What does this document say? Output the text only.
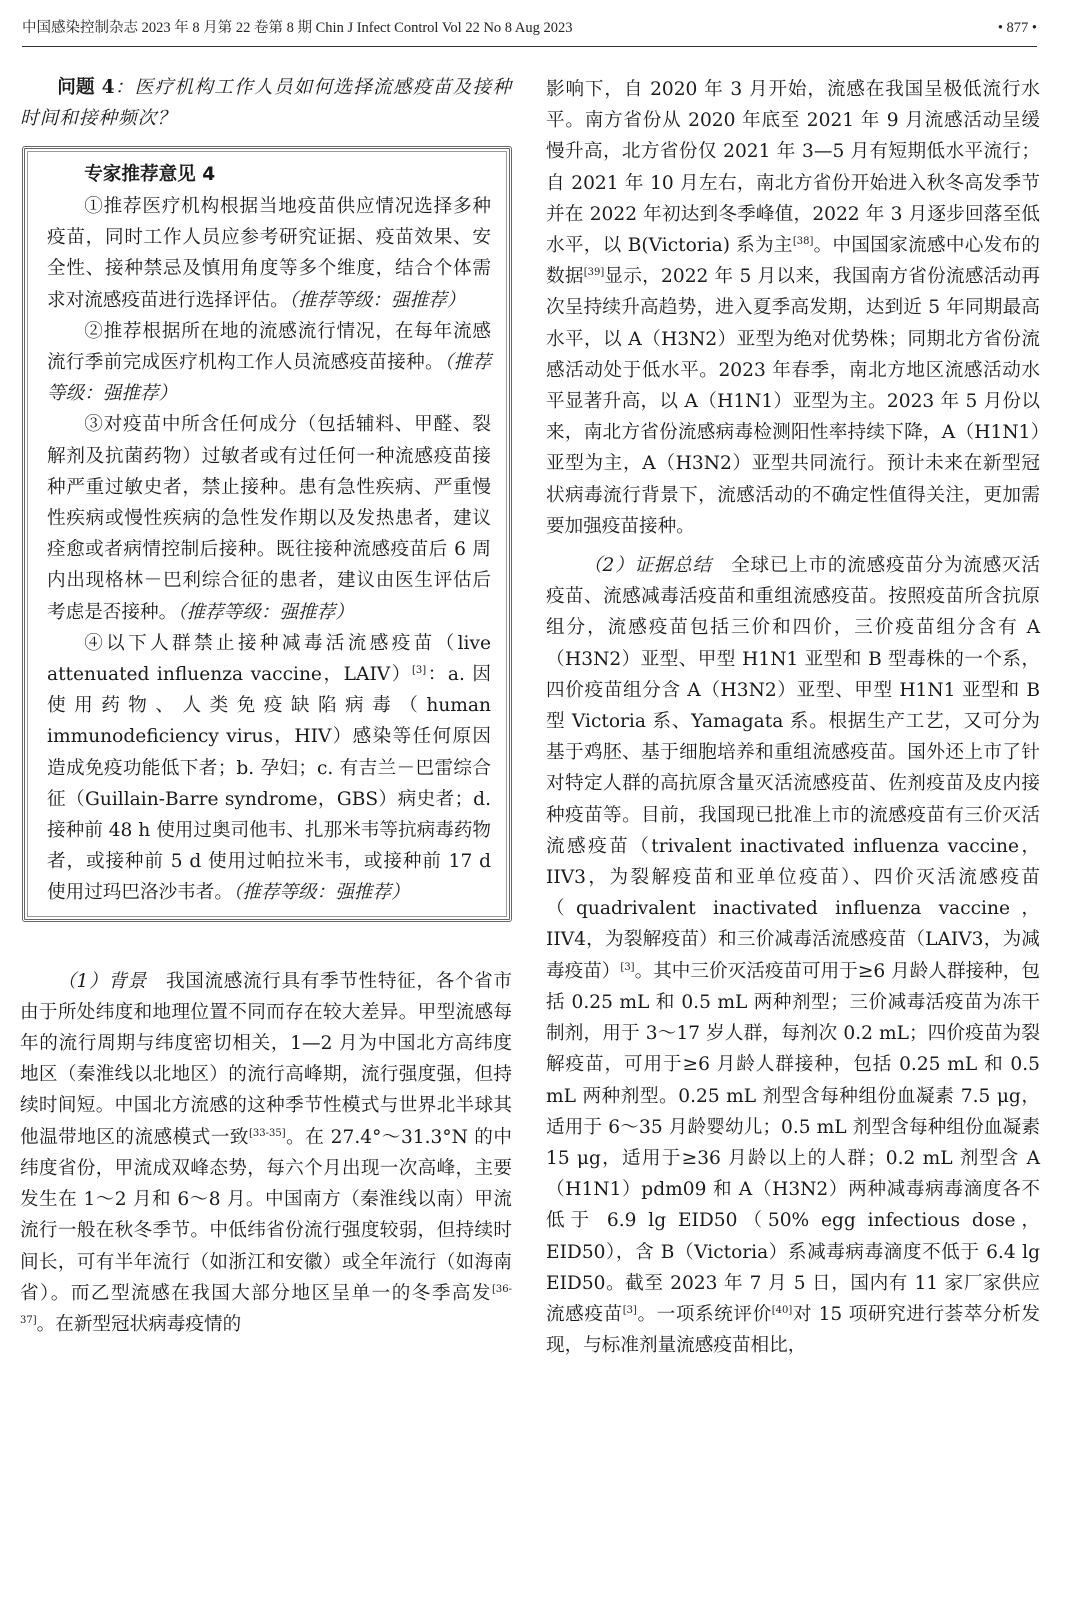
中国感染控制杂志 2023 年 8 月第 22 卷第 8 期 Chin J Infect Control Vol 22 No 8 Aug 2023	• 877 •

问题 4：医疗机构工作人员如何选择流感疫苗及接种时间和接种频次？

专家推荐意见 4

①推荐医疗机构根据当地疫苗供应情况选择多种疫苗，同时工作人员应参考研究证据、疫苗效果、安全性、接种禁忌及慎用角度等多个维度，结合个体需求对流感疫苗进行选择评估。（推荐等级：强推荐）

②推荐根据所在地的流感流行情况，在每年流感流行季前完成医疗机构工作人员流感疫苗接种。（推荐等级：强推荐）

③对疫苗中所含任何成分（包括辅料、甲醛、裂解剂及抗菌药物）过敏者或有过任何一种流感疫苗接种严重过敏史者，禁止接种。患有急性疾病、严重慢性疾病或慢性疾病的急性发作期以及发热患者，建议痊愈或者病情控制后接种。既往接种流感疫苗后 6 周内出现格林－巴利综合征的患者，建议由医生评估后考虑是否接种。（推荐等级：强推荐）

④以下人群禁止接种减毒活流感疫苗（live attenuated influenza vaccine，LAIV）[3]：a. 因使用药物、人类免疫缺陷病毒（human immunodeficiency virus，HIV）感染等任何原因造成免疫功能低下者；b. 孕妇；c. 有吉兰－巴雷综合征（Guillain-Barre syndrome，GBS）病史者；d. 接种前 48 h 使用过奥司他韦、扎那米韦等抗病毒药物者，或接种前 5 d 使用过帕拉米韦，或接种前 17 d 使用过玛巴洛沙韦者。（推荐等级：强推荐）

（1）背景　 我国流感流行具有季节性特征，各个省市由于所处纬度和地理位置不同而存在较大差异。甲型流感每年的流行周期与纬度密切相关，1—2 月为中国北方高纬度地区（秦淮线以北地区）的流行高峰期，流行强度强，但持续时间短。中国北方流感的这种季节性模式与世界北半球其他温带地区的流感模式一致[33-35]。在 27.4°～31.3°N 的中纬度省份，甲流成双峰态势，每六个月出现一次高峰，主要发生在 1～2 月和 6～8 月。中国南方（秦淮线以南）甲流流行一般在秋冬季节。中低纬省份流行强度较弱，但持续时间长，可有半年流行（如浙江和安徽）或全年流行（如海南省）。而乙型流感在我国大部分地区呈单一的冬季高发[36-37]。在新型冠状病毒疫情的

影响下，自 2020 年 3 月开始，流感在我国呈极低流行水平。南方省份从 2020 年底至 2021 年 9 月流感活动呈缓慢升高，北方省份仅 2021 年 3—5 月有短期低水平流行；自 2021 年 10 月左右，南北方省份开始进入秋冬高发季节并在 2022 年初达到冬季峰值，2022 年 3 月逐步回落至低水平，以 B(Victoria) 系为主[38]。中国国家流感中心发布的数据[39]显示，2022 年 5 月以来，我国南方省份流感活动再次呈持续升高趋势，进入夏季高发期，达到近 5 年同期最高水平，以 A（H3N2）亚型为绝对优势株；同期北方省份流感活动处于低水平。2023 年春季，南北方地区流感活动水平显著升高，以 A（H1N1）亚型为主。2023 年 5 月份以来，南北方省份流感病毒检测阳性率持续下降，A（H1N1）亚型为主，A（H3N2）亚型共同流行。预计未来在新型冠状病毒流行背景下，流感活动的不确定性值得关注，更加需要加强疫苗接种。

（2）证据总结　 全球已上市的流感疫苗分为流感灭活疫苗、流感减毒活疫苗和重组流感疫苗。按照疫苗所含抗原组分，流感疫苗包括三价和四价，三价疫苗组分含有 A（H3N2）亚型、甲型 H1N1 亚型和 B 型毒株的一个系，四价疫苗组分含 A（H3N2）亚型、甲型 H1N1 亚型和 B 型 Victoria 系、Yamagata 系。根据生产工艺，又可分为基于鸡胚、基于细胞培养和重组流感疫苗。国外还上市了针对特定人群的高抗原含量灭活流感疫苗、佐剂疫苗及皮内接种疫苗等。目前，我国现已批准上市的流感疫苗有三价灭活流感疫苗（trivalent inactivated influenza vaccine，IIV3，为裂解疫苗和亚单位疫苗）、四价灭活流感疫苗（quadrivalent inactivated influenza vaccine，IIV4，为裂解疫苗）和三价减毒活流感疫苗（LAIV3，为减毒疫苗）[3]。其中三价灭活疫苗可用于≥6 月龄人群接种，包括 0.25 mL 和 0.5 mL 两种剂型；三价减毒活疫苗为冻干制剂，用于 3～17 岁人群，每剂次 0.2 mL；四价疫苗为裂解疫苗，可用于≥6 月龄人群接种，包括 0.25 mL 和 0.5 mL 两种剂型。0.25 mL 剂型含每种组份血凝素 7.5 μg，适用于 6～35 月龄婴幼儿；0.5 mL 剂型含每种组份血凝素 15 μg，适用于≥36 月龄以上的人群；0.2 mL 剂型含 A（H1N1）pdm09 和 A（H3N2）两种减毒病毒滴度各不低于 6.9 lg EID50（50% egg infectious dose，EID50），含 B（Victoria）系减毒病毒滴度不低于 6.4 lg EID50。截至 2023 年 7 月 5 日，国内有 11 家厂家供应流感疫苗[3]。一项系统评价[40]对 15 项研究进行荟萃分析发现，与标准剂量流感疫苗相比，
